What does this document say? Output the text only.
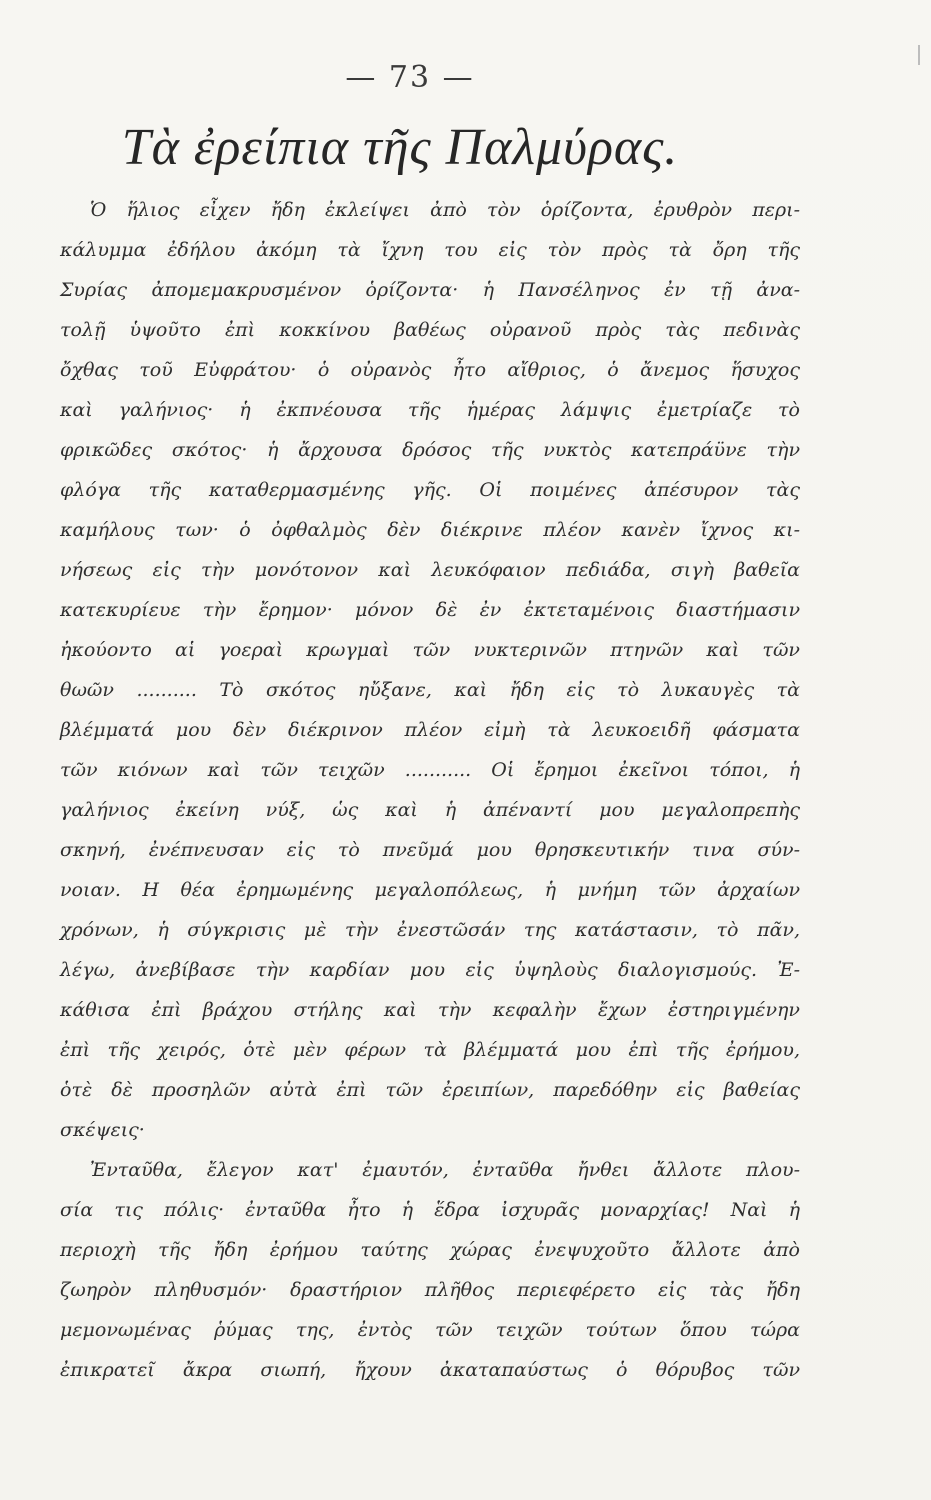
— 73 —
Τὰ ἐρείπια τῆς Παλμύρας.
Ὁ ἥλιος εἶχεν ἤδη ἐκλείψει ἀπὸ τὸν ὁρίζοντα, ἐρυθρὸν περι-
κάλυμμα ἐδήλου ἀκόμη τὰ ἴχνη του εἰς τὸν πρὸς τὰ ὄρη τῆς
Συρίας ἀπομεμακρυσμένον ὁρίζοντα· ἡ Πανσέληνος ἐν τῇ ἀνα-
τολῇ ὑψοῦτο ἐπὶ κοκκίνου βαθέως οὐρανοῦ πρὸς τὰς πεδινὰς
ὄχθας τοῦ Εὐφράτου· ὁ οὐρανὸς ἦτο αἴθριος, ὁ ἄνεμος ἥσυχος
καὶ γαλήνιος· ἡ ἐκπνέουσα τῆς ἡμέρας λάμψις ἐμετρίαζε τὸ
φρικῶδες σκότος· ἡ ἄρχουσα δρόσος τῆς νυκτὸς κατεπράϋνε τὴν
φλόγα τῆς καταθερμασμένης γῆς. Οἱ ποιμένες ἀπέσυρον τὰς
καμήλους των· ὁ ὀφθαλμὸς δὲν διέκρινε πλέον κανὲν ἴχνος κι-
νήσεως εἰς τὴν μονότονον καὶ λευκόφαιον πεδιάδα, σιγὴ βαθεῖα
κατεκυρίευε τὴν ἔρημον· μόνον δὲ ἐν ἐκτεταμένοις διαστήμασιν
ἠκούοντο αἱ γοεραὶ κρωγμαὶ τῶν νυκτερινῶν πτηνῶν καὶ τῶν
θωῶν .......... Τὸ σκότος ηὔξανε, καὶ ἤδη εἰς τὸ λυκαυγὲς τὰ
βλέμματά μου δὲν διέκρινον πλέον εἰμὴ τὰ λευκοειδῆ φάσματα
τῶν κιόνων καὶ τῶν τειχῶν ........... Οἱ ἔρημοι ἐκεῖνοι τόποι, ἡ
γαλήνιος ἐκείνη νύξ, ὡς καὶ ἡ ἀπέναντί μου μεγαλοπρεπὴς
σκηνή, ἐνέπνευσαν εἰς τὸ πνεῦμά μου θρησκευτικήν τινα σύν-
νοιαν. Η θέα ἐρημωμένης μεγαλοπόλεως, ἡ μνήμη τῶν ἀρχαίων
χρόνων, ἡ σύγκρισις μὲ τὴν ἐνεστῶσάν της κατάστασιν, τὸ πᾶν,
λέγω, ἀνεβίβασε τὴν καρδίαν μου εἰς ὑψηλοὺς διαλογισμούς. Ἐ-
κάθισα ἐπὶ βράχου στήλης καὶ τὴν κεφαλὴν ἔχων ἐστηριγμένην
ἐπὶ τῆς χειρός, ὁτὲ μὲν φέρων τὰ βλέμματά μου ἐπὶ τῆς ἐρήμου,
ὁτὲ δὲ προσηλῶν αὐτὰ ἐπὶ τῶν ἐρειπίων, παρεδόθην εἰς βαθείας
σκέψεις·
Ἐνταῦθα, ἔλεγον κατ' ἐμαυτόν, ἐνταῦθα ἤνθει ἄλλοτε πλου-
σία τις πόλις· ἐνταῦθα ἦτο ἡ ἕδρα ἰσχυρᾶς μοναρχίας! Ναὶ ἡ
περιοχὴ τῆς ἤδη ἐρήμου ταύτης χώρας ἐνεψυχοῦτο ἄλλοτε ἀπὸ
ζωηρὸν πληθυσμόν· δραστήριον πλῆθος περιεφέρετο εἰς τὰς ἤδη
μεμονωμένας ῥύμας της, ἐντὸς τῶν τειχῶν τούτων ὅπου τώρα
ἐπικρατεῖ ἄκρα σιωπή, ἤχουν ἀκαταπαύστως ὁ θόρυβος τῶν
